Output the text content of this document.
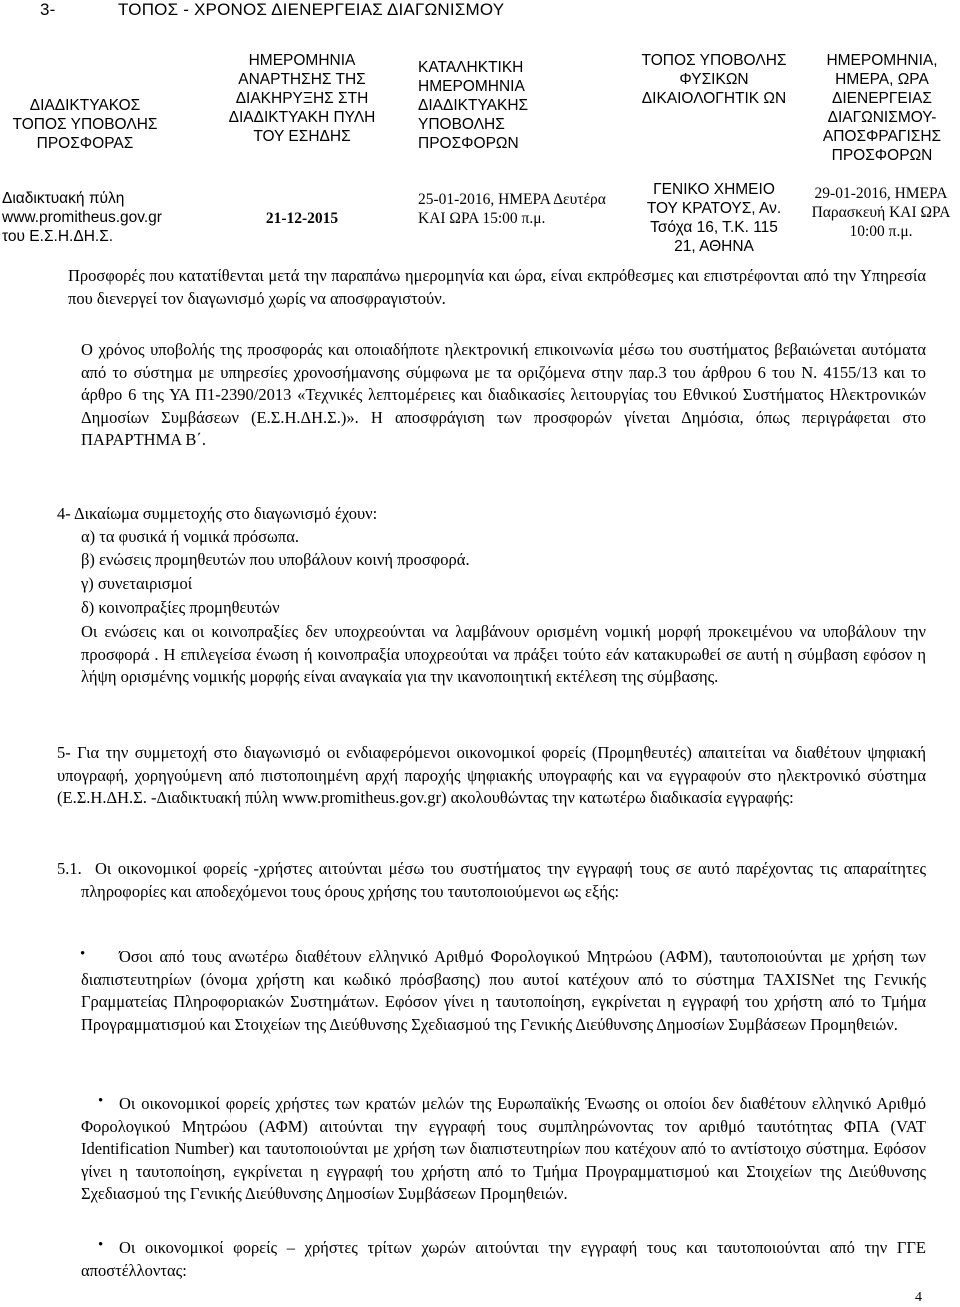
3-	ΤΟΠΟΣ - ΧΡΟΝΟΣ ΔΙΕΝΕΡΓΕΙΑΣ ΔΙΑΓΩΝΙΣΜΟΥ
ΔΙΑΔΙΚΤΥΑΚΟΣ ΤΟΠΟΣ ΥΠΟΒΟΛΗΣ ΠΡΟΣΦΟΡΑΣ
ΗΜΕΡΟΜΗΝΙΑ ΑΝΑΡΤΗΣΗΣ ΤΗΣ ΔΙΑΚΗΡΥΞΗΣ ΣΤΗ ΔΙΑΔΙΚΤΥΑΚΗ ΠΥΛΗ ΤΟΥ ΕΣΗΔΗΣ
ΚΑΤΑΛΗΚΤΙΚΗ ΗΜΕΡΟΜΗΝΙΑ ΔΙΑΔΙΚΤΥΑΚΗΣ ΥΠΟΒΟΛΗΣ ΠΡΟΣΦΟΡΩΝ
ΤΟΠΟΣ ΥΠΟΒΟΛΗΣ ΦΥΣΙΚΩΝ ΔΙΚΑΙΟΛΟΓΗΤΙΚ ΩΝ
ΗΜΕΡΟΜΗΝΙΑ, ΗΜΕΡΑ, ΩΡΑ ΔΙΕΝΕΡΓΕΙΑΣ ΔΙΑΓΩΝΙΣΜΟΥ- ΑΠΟΣΦΡΑΓΙΣΗΣ ΠΡΟΣΦΟΡΩΝ
Διαδικτυακή πύλη www.promitheus.gov.gr του Ε.Σ.Η.ΔΗ.Σ.
21-12-2015
25-01-2016, ΗΜΕΡΑ Δευτέρα ΚΑΙ ΩΡΑ 15:00 π.μ.
ΓΕΝΙΚΟ ΧΗΜΕΙΟ ΤΟΥ ΚΡΑΤΟΥΣ, Αν. Τσόχα 16, Τ.Κ. 115 21, ΑΘΗΝΑ
29-01-2016, ΗΜΕΡΑ Παρασκευή ΚΑΙ ΩΡΑ 10:00 π.μ.
Προσφορές που κατατίθενται μετά την παραπάνω ημερομηνία και ώρα, είναι εκπρόθεσμες και επιστρέφονται από την Υπηρεσία που διενεργεί τον διαγωνισμό χωρίς να αποσφραγιστούν.
Ο χρόνος υποβολής της προσφοράς και οποιαδήποτε ηλεκτρονική επικοινωνία μέσω του συστήματος βεβαιώνεται αυτόματα από το σύστημα με υπηρεσίες χρονοσήμανσης σύμφωνα με τα οριζόμενα στην παρ.3 του άρθρου 6 του Ν. 4155/13 και το άρθρο 6 της ΥΑ Π1-2390/2013 «Τεχνικές λεπτομέρειες και διαδικασίες λειτουργίας του Εθνικού Συστήματος Ηλεκτρονικών Δημοσίων Συμβάσεων (Ε.Σ.Η.ΔΗ.Σ.)». Η αποσφράγιση των προσφορών γίνεται Δημόσια, όπως περιγράφεται στο ΠΑΡΑΡΤΗΜΑ Β΄.
4- Δικαίωμα συμμετοχής στο διαγωνισμό έχουν:
α) τα φυσικά ή νομικά πρόσωπα.
β) ενώσεις προμηθευτών που υποβάλουν κοινή προσφορά.
γ) συνεταιρισμοί
δ) κοινοπραξίες προμηθευτών
Οι ενώσεις και οι κοινοπραξίες δεν υποχρεούνται να λαμβάνουν ορισμένη νομική μορφή προκειμένου να υποβάλουν την προσφορά . Η επιλεγείσα ένωση ή κοινοπραξία υποχρεούται να πράξει τούτο εάν κατακυρωθεί σε αυτή η σύμβαση εφόσον η λήψη ορισμένης νομικής μορφής είναι αναγκαία για την ικανοποιητική εκτέλεση της σύμβασης.
5- Για την συμμετοχή στο διαγωνισμό οι ενδιαφερόμενοι οικονομικοί φορείς (Προμηθευτές) απαιτείται να διαθέτουν ψηφιακή υπογραφή, χορηγούμενη από πιστοποιημένη αρχή παροχής ψηφιακής υπογραφής και να εγγραφούν στο ηλεκτρονικό σύστημα (Ε.Σ.Η.ΔΗ.Σ. -Διαδικτυακή πύλη www.promitheus.gov.gr) ακολουθώντας την κατωτέρω διαδικασία εγγραφής:
5.1. Οι οικονομικοί φορείς -χρήστες αιτούνται μέσω του συστήματος την εγγραφή τους σε αυτό παρέχοντας τις απαραίτητες πληροφορίες και αποδεχόμενοι τους όρους χρήσης του ταυτοποιούμενοι ως εξής:
•	Όσοι από τους ανωτέρω διαθέτουν ελληνικό Αριθμό Φορολογικού Μητρώου (ΑΦΜ), ταυτοποιούνται με χρήση των διαπιστευτηρίων (όνομα χρήστη και κωδικό πρόσβασης) που αυτοί κατέχουν από το σύστημα TAXISNet της Γενικής Γραμματείας Πληροφοριακών Συστημάτων. Εφόσον γίνει η ταυτοποίηση, εγκρίνεται η εγγραφή του χρήστη από το Τμήμα Προγραμματισμού και Στοιχείων της Διεύθυνσης Σχεδιασμού της Γενικής Διεύθυνσης Δημοσίων Συμβάσεων Προμηθειών.
• Οι οικονομικοί φορείς χρήστες των κρατών μελών της Ευρωπαϊκής Ένωσης οι οποίοι δεν διαθέτουν ελληνικό Αριθμό Φορολογικού Μητρώου (ΑΦΜ) αιτούνται την εγγραφή τους συμπληρώνοντας τον αριθμό ταυτότητας ΦΠΑ (VAT Identification Number) και ταυτοποιούνται με χρήση των διαπιστευτηρίων που κατέχουν από το αντίστοιχο σύστημα. Εφόσον γίνει η ταυτοποίηση, εγκρίνεται η εγγραφή του χρήστη από το Τμήμα Προγραμματισμού και Στοιχείων της Διεύθυνσης Σχεδιασμού της Γενικής Διεύθυνσης Δημοσίων Συμβάσεων Προμηθειών.
• Οι οικονομικοί φορείς – χρήστες τρίτων χωρών αιτούνται την εγγραφή τους και ταυτοποιούνται από την ΓΓΕ αποστέλλοντας:
4
